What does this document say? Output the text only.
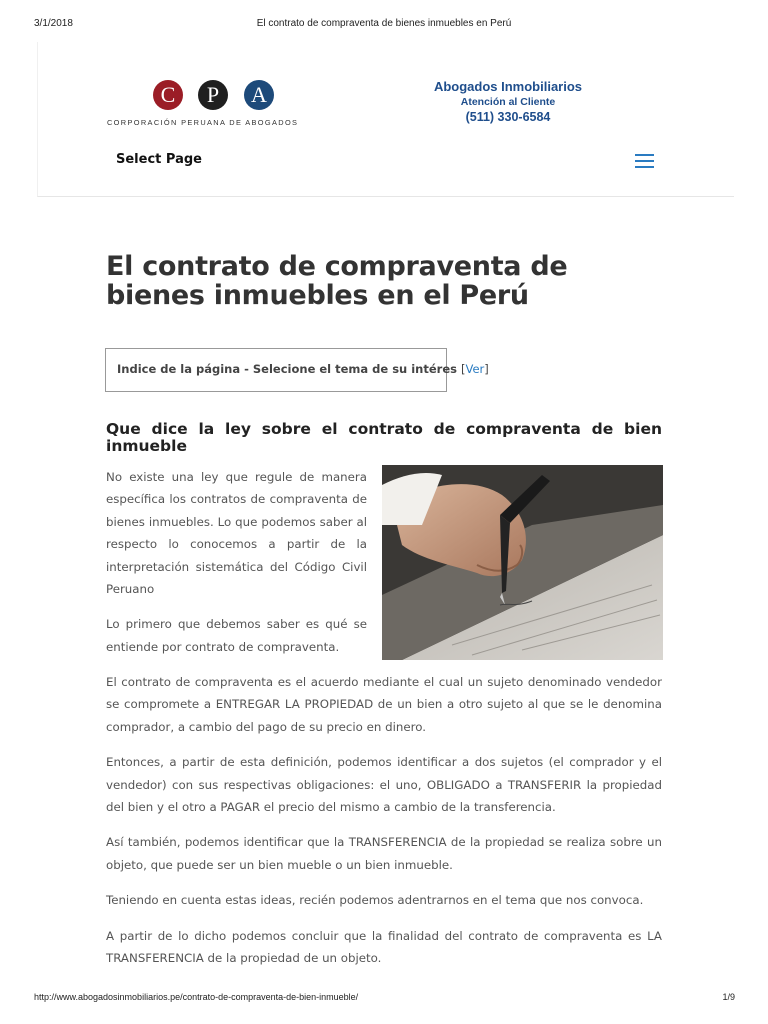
3/1/2018	El contrato de compraventa de bienes inmuebles en Perú
C	P	A
CORPORACIÓN PERUANA DE ABOGADOS
Abogados Inmobiliarios
Atención al Cliente
(511) 330-6584
Select Page
El contrato de compraventa de bienes inmuebles en el Perú
Indice de la página - Selecione el tema de su intéres [Ver]
Que dice la ley sobre el contrato de compraventa de bien inmueble

No existe una ley que regule de manera específica los contratos de compraventa de bienes inmuebles. Lo que podemos saber al respecto lo conocemos a partir de la interpretación sistemática del Código Civil Peruano

Lo primero que debemos saber es qué se entiende por contrato de compraventa.

El contrato de compraventa es el acuerdo mediante el cual un sujeto denominado vendedor se compromete a ENTREGAR LA PROPIEDAD de un bien a otro sujeto al que se le denomina comprador, a cambio del pago de su precio en dinero.

Entonces, a partir de esta definición, podemos identificar a dos sujetos (el comprador y el vendedor) con sus respectivas obligaciones: el uno, OBLIGADO a TRANSFERIR la propiedad del bien y el otro a PAGAR el precio del mismo a cambio de la transferencia.

Así también, podemos identificar que la TRANSFERENCIA de la propiedad se realiza sobre un objeto, que puede ser un bien mueble o un bien inmueble.

Teniendo en cuenta estas ideas, recién podemos adentrarnos en el tema que nos convoca.

A partir de lo dicho podemos concluir que la finalidad del contrato de compraventa es LA TRANSFERENCIA de la propiedad de un objeto.

http://www.abogadosinmobiliarios.pe/contrato-de-compraventa-de-bien-inmueble/	1/9
